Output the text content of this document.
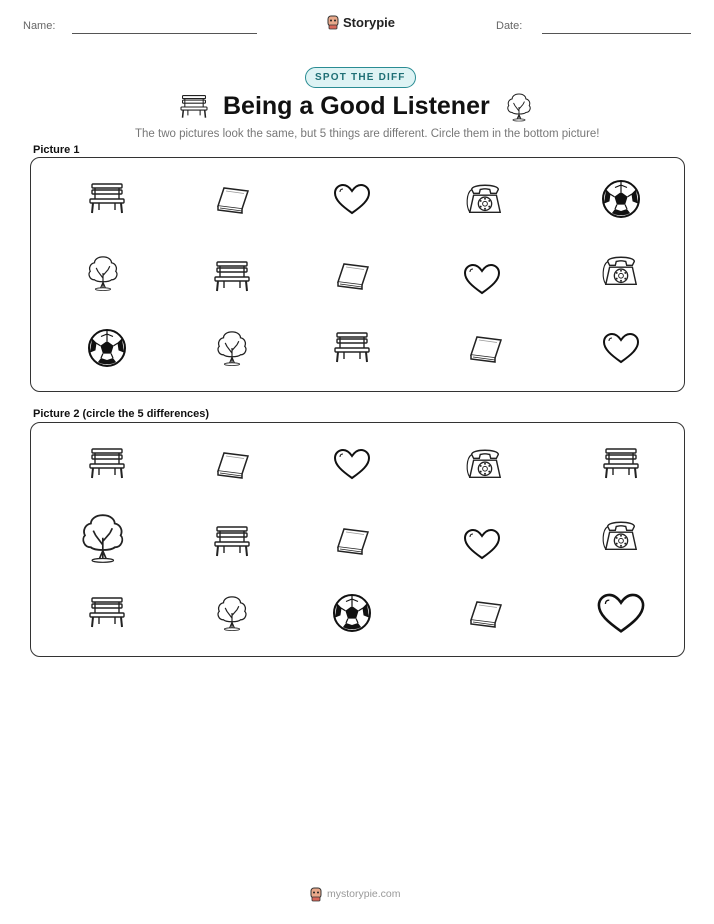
Name:	Storypie	Date:
SPOT THE DIFF
Being a Good Listener
The two pictures look the same, but 5 things are different. Circle them in the bottom picture!
Picture 1
Picture 2 (circle the 5 differences)
mystorypie.com
